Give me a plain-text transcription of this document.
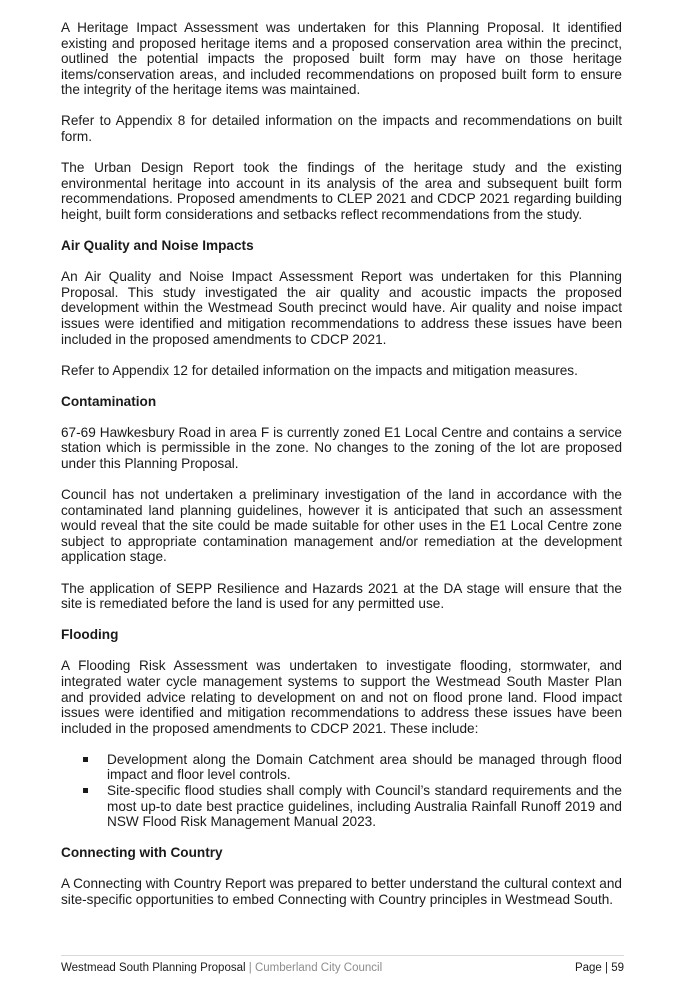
A Heritage Impact Assessment was undertaken for this Planning Proposal. It identified existing and proposed heritage items and a proposed conservation area within the precinct, outlined the potential impacts the proposed built form may have on those heritage items/conservation areas, and included recommendations on proposed built form to ensure the integrity of the heritage items was maintained.

Refer to Appendix 8 for detailed information on the impacts and recommendations on built form.

The Urban Design Report took the findings of the heritage study and the existing environmental heritage into account in its analysis of the area and subsequent built form recommendations. Proposed amendments to CLEP 2021 and CDCP 2021 regarding building height, built form considerations and setbacks reflect recommendations from the study.

Air Quality and Noise Impacts

An Air Quality and Noise Impact Assessment Report was undertaken for this Planning Proposal. This study investigated the air quality and acoustic impacts the proposed development within the Westmead South precinct would have. Air quality and noise impact issues were identified and mitigation recommendations to address these issues have been included in the proposed amendments to CDCP 2021.

Refer to Appendix 12 for detailed information on the impacts and mitigation measures.

Contamination

67-69 Hawkesbury Road in area F is currently zoned E1 Local Centre and contains a service station which is permissible in the zone. No changes to the zoning of the lot are proposed under this Planning Proposal.

Council has not undertaken a preliminary investigation of the land in accordance with the contaminated land planning guidelines, however it is anticipated that such an assessment would reveal that the site could be made suitable for other uses in the E1 Local Centre zone subject to appropriate contamination management and/or remediation at the development application stage.

The application of SEPP Resilience and Hazards 2021 at the DA stage will ensure that the site is remediated before the land is used for any permitted use.

Flooding

A Flooding Risk Assessment was undertaken to investigate flooding, stormwater, and integrated water cycle management systems to support the Westmead South Master Plan and provided advice relating to development on and not on flood prone land. Flood impact issues were identified and mitigation recommendations to address these issues have been included in the proposed amendments to CDCP 2021. These include:

Development along the Domain Catchment area should be managed through flood impact and floor level controls.
Site-specific flood studies shall comply with Council’s standard requirements and the most up-to date best practice guidelines, including Australia Rainfall Runoff 2019 and NSW Flood Risk Management Manual 2023.
Connecting with Country

A Connecting with Country Report was prepared to better understand the cultural context and site-specific opportunities to embed Connecting with Country principles in Westmead South.

Westmead South Planning Proposal | Cumberland City Council	Page | 59
